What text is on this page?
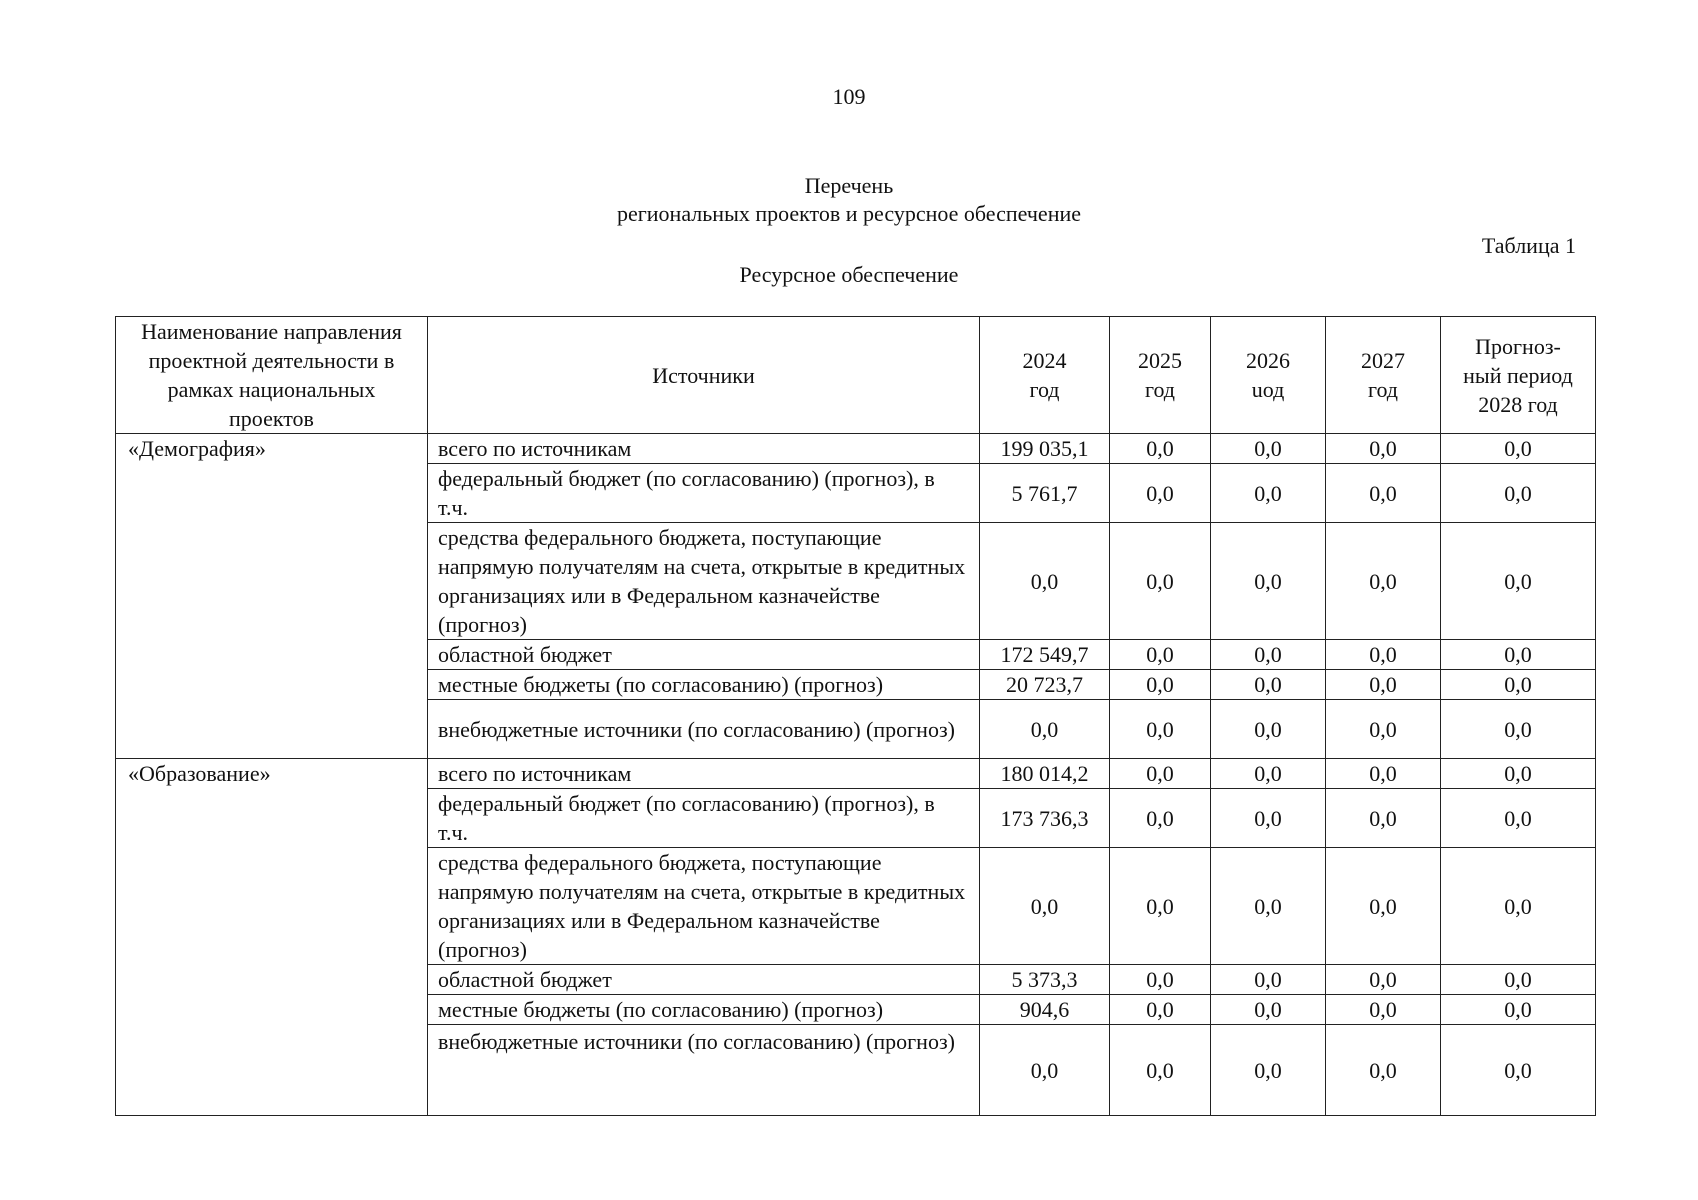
109
Перечень
региональных проектов и ресурсное обеспечение
Таблица 1
Ресурсное обеспечение
Наименование направления проектной деятельности в рамках национальных проектов	Источники	2024 год	2025 год	2026 uод	2027 год	Прогноз-ный период 2028 год
«Демография»	всего по источникам	199 035,1	0,0	0,0	0,0	0,0
	федеральный бюджет (по согласованию) (прогноз), в т.ч.	5 761,7	0,0	0,0	0,0	0,0
	средства федерального бюджета, поступающие напрямую получателям на счета, открытые в кредитных организациях или в Федеральном казначействе (прогноз)	0,0	0,0	0,0	0,0	0,0
	областной бюджет	172 549,7	0,0	0,0	0,0	0,0
	местные бюджеты (по согласованию) (прогноз)	20 723,7	0,0	0,0	0,0	0,0
	внебюджетные источники (по согласованию) (прогноз)	0,0	0,0	0,0	0,0	0,0
«Образование»	всего по источникам	180 014,2	0,0	0,0	0,0	0,0
	федеральный бюджет (по согласованию) (прогноз), в т.ч.	173 736,3	0,0	0,0	0,0	0,0
	средства федерального бюджета, поступающие напрямую получателям на счета, открытые в кредитных организациях или в Федеральном казначействе (прогноз)	0,0	0,0	0,0	0,0	0,0
	областной бюджет	5 373,3	0,0	0,0	0,0	0,0
	местные бюджеты (по согласованию) (прогноз)	904,6	0,0	0,0	0,0	0,0
	внебюджетные источники (по согласованию) (прогноз)	0,0	0,0	0,0	0,0	0,0
